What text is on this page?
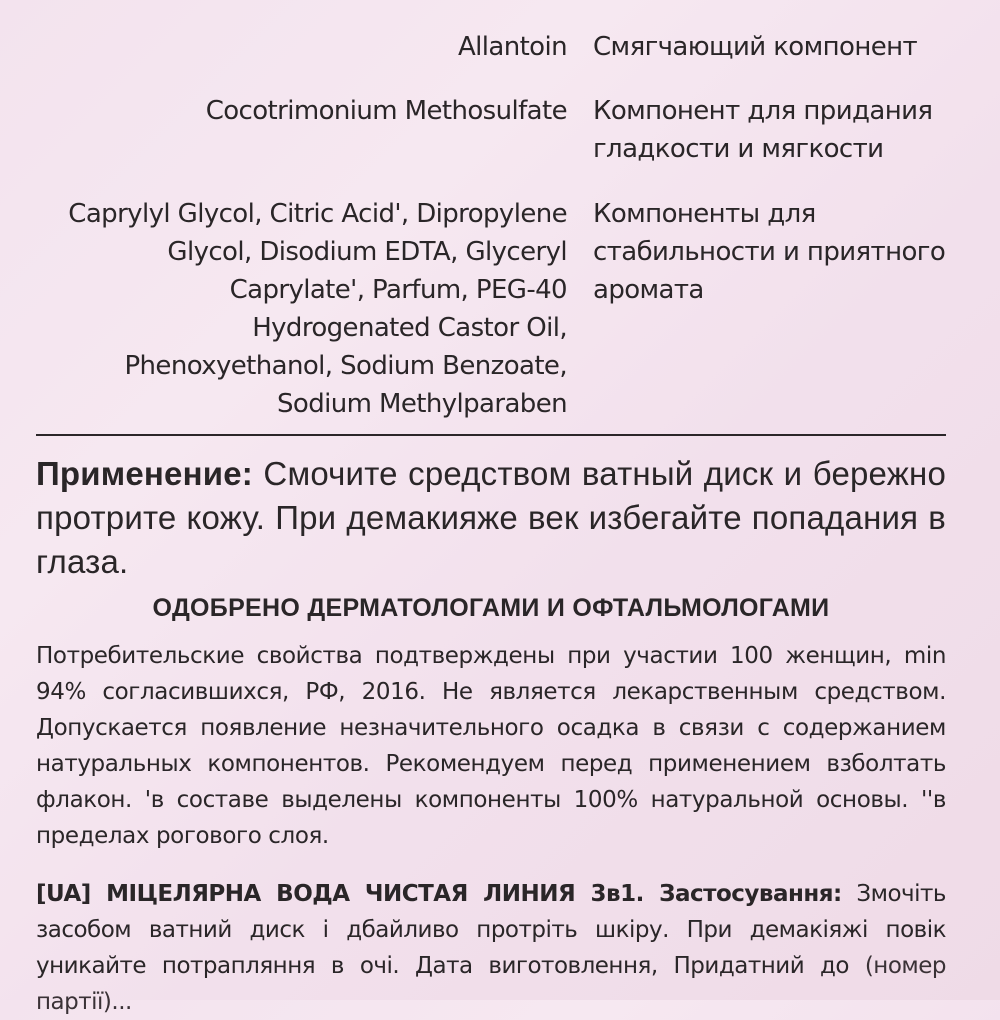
Allantoin Смягчающий компонент
Cocotrimonium Methosulfate Компонент для придания
гладкости и мягкости
Caprylyl Glycol, Citric Acid', Dipropylene
Glycol, Disodium EDTA, Glyceryl
Caprylate', Parfum, PEG-40
Hydrogenated Castor Oil,
Phenoxyethanol, Sodium Benzoate,
Sodium Methylparaben
Компоненты для
стабильности и приятного
аромата
Применение: Смочите средством ватный диск и бережно протрите кожу. При демакияже век избегайте попадания в глаза.
ОДОБРЕНО ДЕРМАТОЛОГАМИ И ОФТАЛЬМОЛОГАМИ
Потребительские свойства подтверждены при участии 100 женщин, min 94% согласившихся, РФ, 2016. Не является лекарственным средством. Допускается появление незначительного осадка в связи с содержанием натуральных компонентов. Рекомендуем перед применением взболтать флакон. 'в составе выделены компоненты 100% натуральной основы. ''в пределах рогового слоя.
[UA] МІЦЕЛЯРНА ВОДА ЧИСТАЯ ЛИНИЯ 3в1. Застосування: Змочіть засобом ватний диск і дбайливо протріть шкіру. При демакіяжі повік уникайте потрапляння в очі. Дата виготовлення, Придатний до (номер партії)...
